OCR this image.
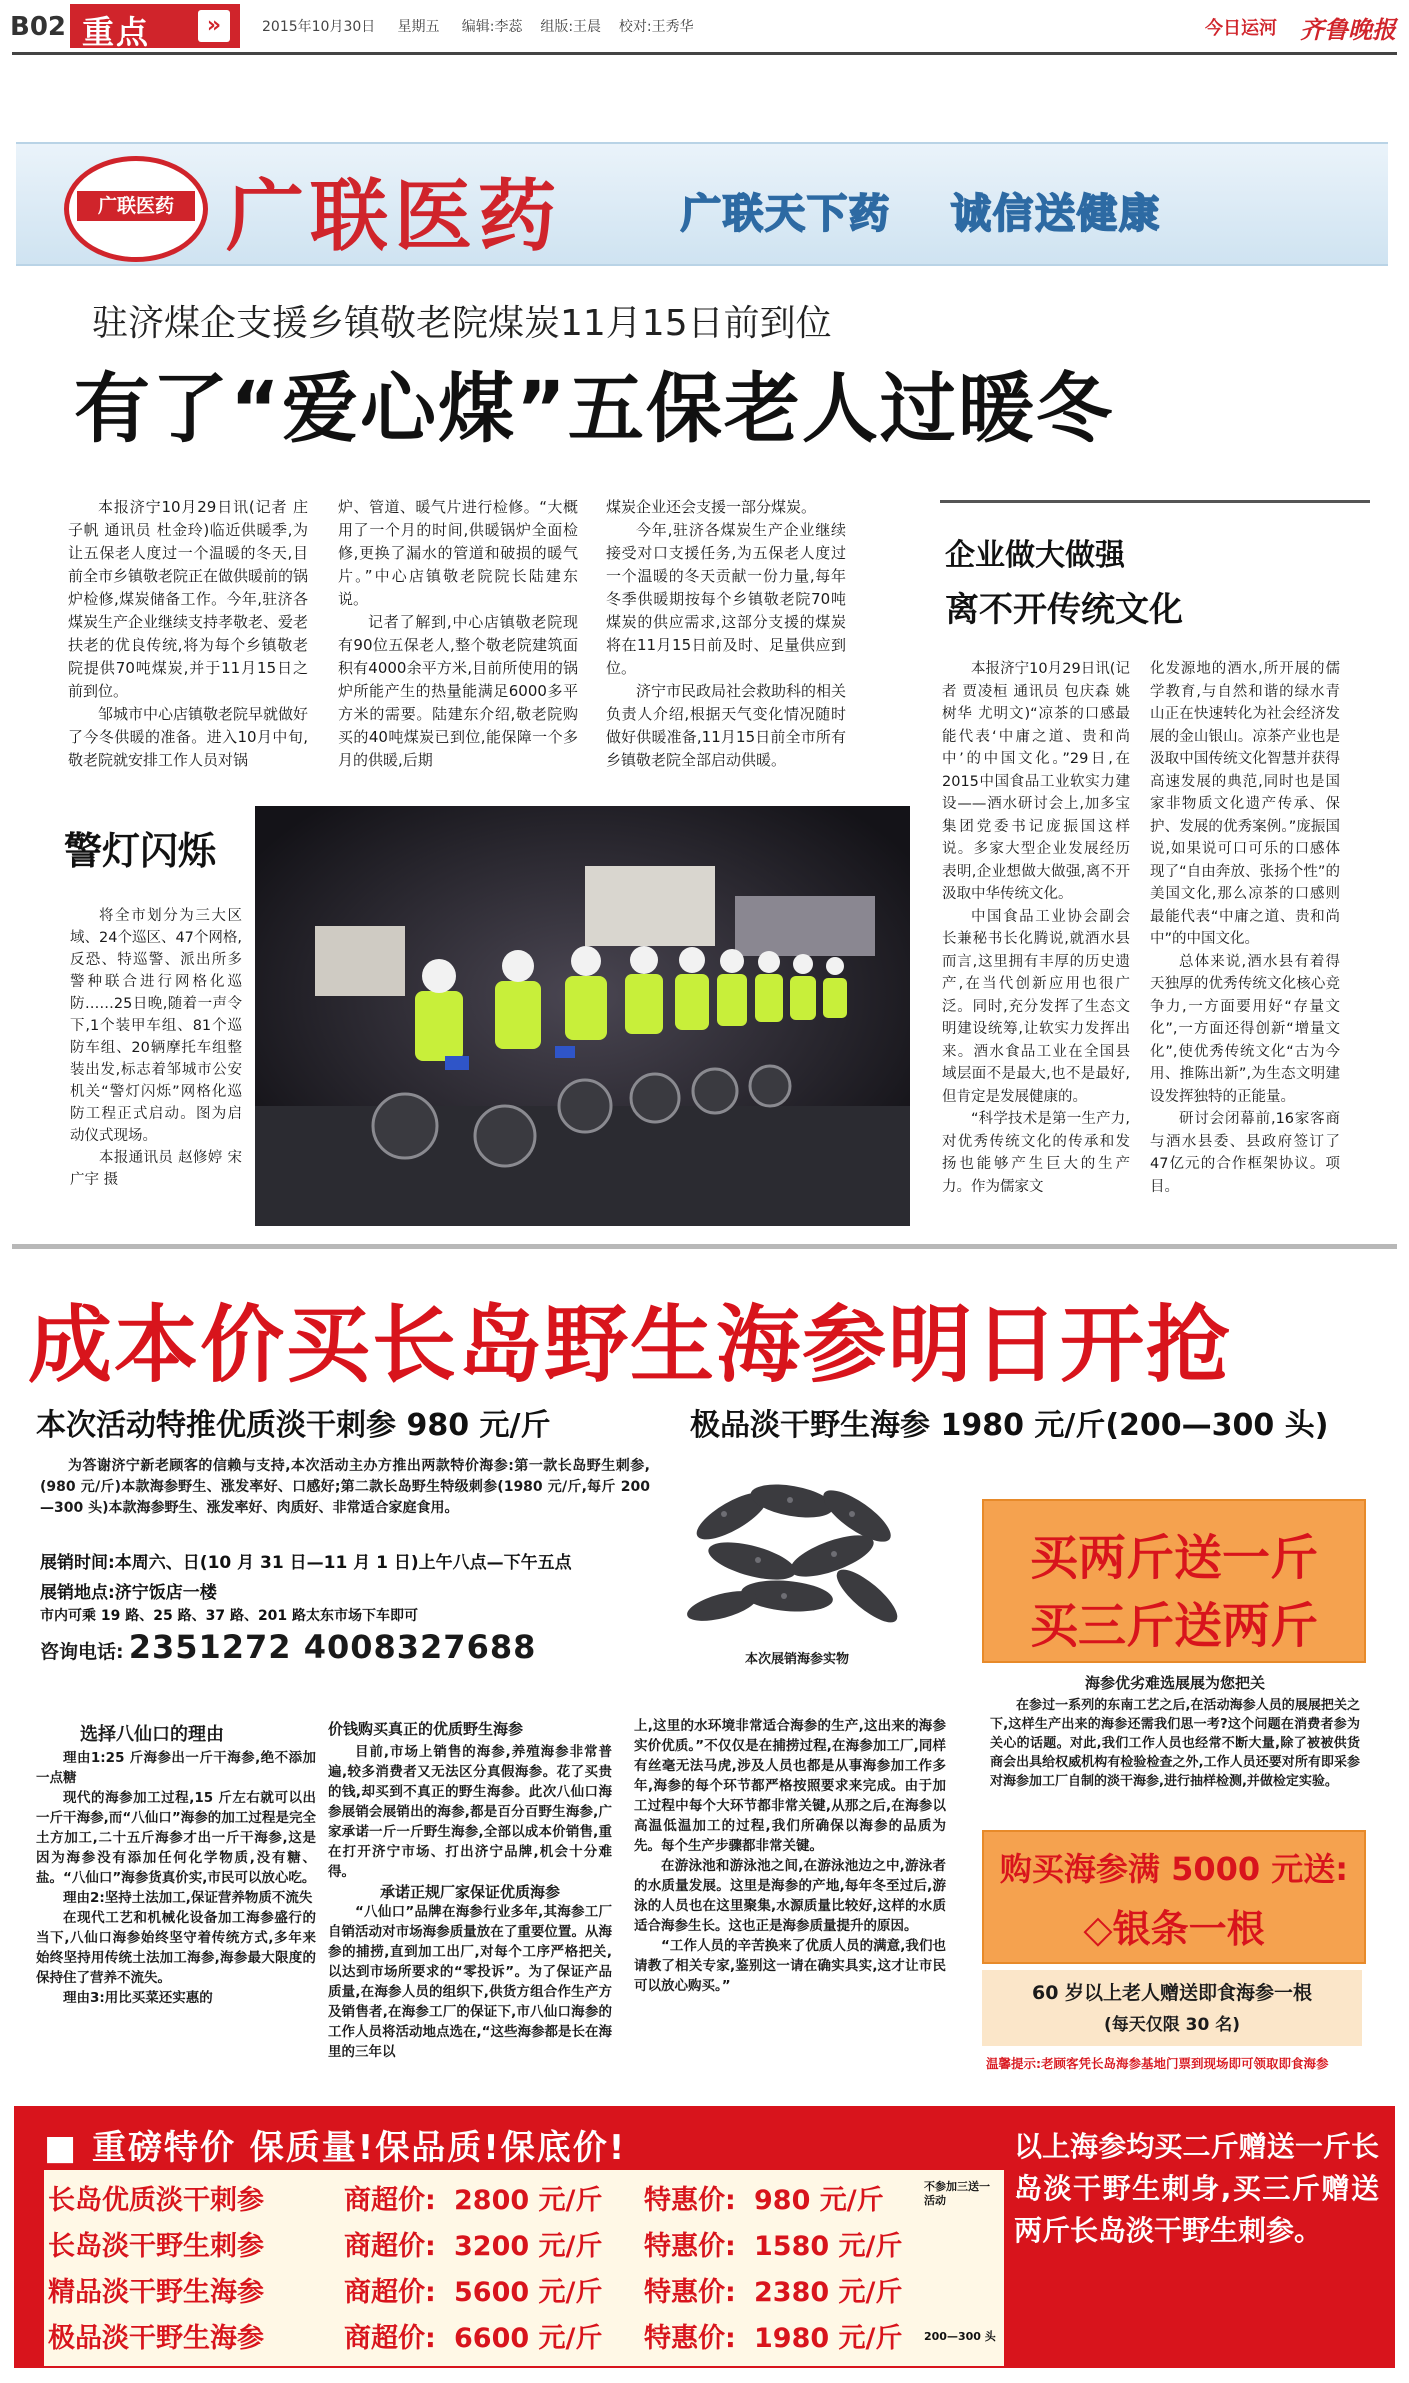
B02 重点	»	2015年10月30日 星期五 编辑:李蕊 组版:王晨 校对:王秀华	今日运河 齐鲁晚报
广联医药 广联医药	广联天下药 诚信送健康
驻济煤企支援乡镇敬老院煤炭11月15日前到位
有了“爱心煤”五保老人过暖冬

本报济宁10月29日讯(记者 庄子帆 通讯员 杜金玲)临近供暖季,为让五保老人度过一个温暖的冬天,目前全市乡镇敬老院正在做供暖前的锅炉检修,煤炭储备工作。今年,驻济各煤炭生产企业继续支持孝敬老、爱老扶老的优良传统,将为每个乡镇敬老院提供70吨煤炭,并于11月15日之前到位。

邹城市中心店镇敬老院早就做好了今冬供暖的准备。进入10月中旬,敬老院就安排工作人员对锅

炉、管道、暖气片进行检修。“大概用了一个月的时间,供暖锅炉全面检修,更换了漏水的管道和破损的暖气片。”中心店镇敬老院院长陆建东说。

记者了解到,中心店镇敬老院现有90位五保老人,整个敬老院建筑面积有4000余平方米,目前所使用的锅炉所能产生的热量能满足6000多平方米的需要。陆建东介绍,敬老院购买的40吨煤炭已到位,能保障一个多月的供暖,后期

煤炭企业还会支援一部分煤炭。

今年,驻济各煤炭生产企业继续接受对口支援任务,为五保老人度过一个温暖的冬天贡献一份力量,每年冬季供暖期按每个乡镇敬老院70吨煤炭的供应需求,这部分支援的煤炭将在11月15日前及时、足量供应到位。

济宁市民政局社会救助科的相关负责人介绍,根据天气变化情况随时做好供暖准备,11月15日前全市所有乡镇敬老院全部启动供暖。

企业做大做强
离不开传统文化

本报济宁10月29日讯(记者 贾凌桓 通讯员 包庆森 姚树华 尤明文)“凉茶的口感最能代表‘中庸之道、贵和尚中’的中国文化。”29日,在2015中国食品工业软实力建设——酒水研讨会上,加多宝集团党委书记庞振国这样说。多家大型企业发展经历表明,企业想做大做强,离不开汲取中华传统文化。

中国食品工业协会副会长兼秘书长化腾说,就酒水县而言,这里拥有丰厚的历史遗产,在当代创新应用也很广泛。同时,充分发挥了生态文明建设统筹,让软实力发挥出来。酒水食品工业在全国县域层面不是最大,也不是最好,但肯定是发展健康的。

“科学技术是第一生产力,对优秀传统文化的传承和发扬也能够产生巨大的生产力。作为儒家文

化发源地的酒水,所开展的儒学教育,与自然和谐的绿水青山正在快速转化为社会经济发展的金山银山。凉茶产业也是汲取中国传统文化智慧并获得高速发展的典范,同时也是国家非物质文化遗产传承、保护、发展的优秀案例。”庞振国说,如果说可口可乐的口感体现了“自由奔放、张扬个性”的美国文化,那么凉茶的口感则最能代表“中庸之道、贵和尚中”的中国文化。

总体来说,酒水县有着得天独厚的优秀传统文化核心竞争力,一方面要用好“存量文化”,一方面还得创新“增量文化”,使优秀传统文化“古为今用、推陈出新”,为生态文明建设发挥独特的正能量。

研讨会闭幕前,16家客商与酒水县委、县政府签订了47亿元的合作框架协议。项目。

警灯闪烁

将全市划分为三大区域、24个巡区、47个网格,反恐、特巡警、派出所多警种联合进行网格化巡防……25日晚,随着一声令下,1个装甲车组、81个巡防车组、20辆摩托车组整装出发,标志着邹城市公安机关“警灯闪烁”网格化巡防工程正式启动。图为启动仪式现场。

本报通讯员 赵修婷 宋广宇 摄

成本价买长岛野生海参明日开抢
本次活动特推优质淡干刺参 980 元/斤	极品淡干野生海参 1980 元/斤(200—300 头)
为答谢济宁新老顾客的信赖与支持,本次活动主办方推出两款特价海参:第一款长岛野生刺参,(980 元/斤)本款海参野生、涨发率好、口感好;第二款长岛野生特级刺参(1980 元/斤,每斤 200—300 头)本款海参野生、涨发率好、肉质好、非常适合家庭食用。
展销时间:本周六、日(10 月 31 日—11 月 1 日)上午八点—下午五点
展销地点:济宁饭店一楼
市内可乘 19 路、25 路、37 路、201 路太东市场下车即可
咨询电话: 2351272 4008327688	本次展销海参实物
买两斤送一斤
买三斤送两斤
海参优劣难选展展为您把关
在参过一系列的东南工艺之后,在活动海参人员的展展把关之下,这样生产出来的海参还需我们思一考?这个问题在消费者参为关心的话题。对此,我们工作人员也经常不断大量,除了被被供货商会出具给权威机构有检验检查之外,工作人员还要对所有即采参对海参加工厂自制的淡干海参,进行抽样检测,并做检定实验。
购买海参满 5000 元送:
◇银条一根
60 岁以上老人赠送即食海参一根
(每天仅限 30 名)
温馨提示:老顾客凭长岛海参基地门票到现场即可领取即食海参
选择八仙口的理由

理由1:25 斤海参出一斤干海参,绝不添加一点糖

现代的海参加工过程,15 斤左右就可以出一斤干海参,而“八仙口”海参的加工过程是完全土方加工,二十五斤海参才出一斤干海参,这是因为海参没有添加任何化学物质,没有糖、盐。“八仙口”海参货真价实,市民可以放心吃。

理由2:坚持土法加工,保证营养物质不流失

在现代工艺和机械化设备加工海参盛行的当下,八仙口海参始终坚守着传统方式,多年来始终坚持用传统土法加工海参,海参最大限度的保持住了营养不流失。

理由3:用比买菜还实惠的

价钱购买真正的优质野生海参

目前,市场上销售的海参,养殖海参非常普遍,较多消费者又无法区分真假海参。花了买贵的钱,却买到不真正的野生海参。此次八仙口海参展销会展销出的海参,都是百分百野生海参,广家承诺一斤一斤野生海参,全部以成本价销售,重在打开济宁市场、打出济宁品牌,机会十分难得。

承诺正规厂家保证优质海参

“八仙口”品牌在海参行业多年,其海参工厂自销活动对市场海参质量放在了重要位置。从海参的捕捞,直到加工出厂,对每个工序严格把关,以达到市场所要求的“零投诉”。为了保证产品质量,在海参人员的组织下,供货方组合作生产方及销售者,在海参工厂的保证下,市八仙口海参的工作人员将活动地点选在,“这些海参都是长在海里的三年以

上,这里的水环境非常适合海参的生产,这出来的海参实价优质。”不仅仅是在捕捞过程,在海参加工厂,同样有丝毫无法马虎,涉及人员也都是从事海参加工作多年,海参的每个环节都严格按照要求来完成。由于加工过程中每个大环节都非常关键,从那之后,在海参以高温低温加工的过程,我们所确保以海参的品质为先。每个生产步骤都非常关键。

在游泳池和游泳池之间,在游泳池边之中,游泳者的水质量发展。这里是海参的产地,每年冬至过后,游泳的人员也在这里聚集,水源质量比较好,这样的水质适合海参生长。这也正是海参质量提升的原因。

“工作人员的辛苦换来了优质人员的满意,我们也请教了相关专家,鉴别这一请在确实具实,这才让市民可以放心购买。”

■ 重磅特价 保质量!保品质!保底价!
长岛优质淡干刺参	商超价: 2800 元/斤 特惠价: 980 元/斤	不参加三送一活动
长岛淡干野生刺参	商超价: 3200 元/斤 特惠价: 1580 元/斤
精品淡干野生海参	商超价: 5600 元/斤 特惠价: 2380 元/斤
极品淡干野生海参	商超价: 6600 元/斤 特惠价: 1980 元/斤 200—300 头
以上海参均买二斤赠送一斤长岛淡干野生刺身,买三斤赠送两斤长岛淡干野生刺参。
